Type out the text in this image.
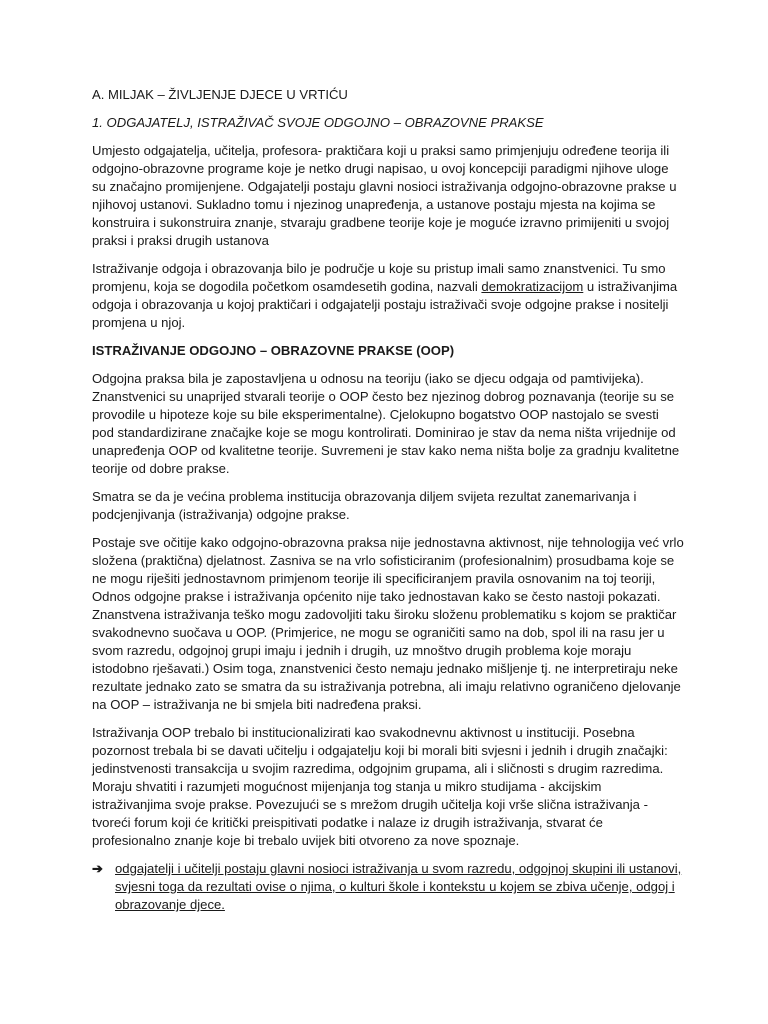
A. MILJAK – ŽIVLJENJE DJECE U VRTIĆU
1. ODGAJATELJ, ISTRAŽIVAČ SVOJE ODGOJNO – OBRAZOVNE PRAKSE
Umjesto odgajatelja, učitelja, profesora- praktičara koji u praksi samo primjenjuju određene teorija ili odgojno-obrazovne programe koje je netko drugi napisao, u ovoj koncepciji paradigmi njihove uloge su značajno promijenjene. Odgajatelji postaju glavni nosioci istraživanja odgojno-obrazovne prakse u njihovoj ustanovi. Sukladno tomu i njezinog unapređenja, a ustanove postaju mjesta na kojima se konstruira i sukonstruira znanje, stvaraju gradbene teorije koje je moguće izravno primijeniti u svojoj praksi i praksi drugih ustanova
Istraživanje odgoja i obrazovanja bilo je područje u koje su pristup imali samo znanstvenici. Tu smo promjenu, koja se dogodila početkom osamdesetih godina, nazvali demokratizacijom u istraživanjima odgoja i obrazovanja u kojoj praktičari i odgajatelji postaju istraživači svoje odgojne prakse i nositelji promjena u njoj.
ISTRAŽIVANJE ODGOJNO – OBRAZOVNE PRAKSE (OOP)
Odgojna praksa bila je zapostavljena u odnosu na teoriju (iako se djecu odgaja od pamtivijeka). Znanstvenici su unaprijed stvarali teorije o OOP često bez njezinog dobrog poznavanja (teorije su se provodile u hipoteze koje su bile eksperimentalne). Cjelokupno bogatstvo OOP nastojalo se svesti pod standardizirane značajke koje se mogu kontrolirati. Dominirao je stav da nema ništa vrijednije od unapređenja OOP od kvalitetne teorije. Suvremeni je stav kako nema ništa bolje za gradnju kvalitetne teorije od dobre prakse.
Smatra se da je većina problema institucija obrazovanja diljem svijeta rezultat zanemarivanja i podcjenjivanja (istraživanja) odgojne prakse.
Postaje sve očitije kako odgojno-obrazovna praksa nije jednostavna aktivnost, nije tehnologija već vrlo složena (praktična) djelatnost. Zasniva se na vrlo sofisticiranim (profesionalnim) prosudbama koje se ne mogu riješiti jednostavnom primjenom teorije ili specificiranjem pravila osnovanim na toj teoriji, Odnos odgojne prakse i istraživanja općenito nije tako jednostavan kako se često nastoji pokazati. Znanstvena istraživanja teško mogu zadovoljiti taku široku složenu problematiku s kojom se praktičar svakodnevno suočava u OOP. (Primjerice, ne mogu se ograničiti samo na dob, spol ili na rasu jer u svom razredu, odgojnoj grupi imaju i jednih i drugih, uz mnoštvo drugih problema koje moraju istodobno rješavati.) Osim toga, znanstvenici često nemaju jednako mišljenje tj. ne interpretiraju neke rezultate jednako zato se smatra da su istraživanja potrebna, ali imaju relativno ograničeno djelovanje na OOP – istraživanja ne bi smjela biti nadređena praksi.
Istraživanja OOP trebalo bi institucionalizirati kao svakodnevnu aktivnost u instituciji. Posebna pozornost trebala bi se davati učitelju i odgajatelju koji bi morali biti svjesni i jednih i drugih značajki: jedinstvenosti transakcija u svojim razredima, odgojnim grupama, ali i sličnosti s drugim razredima. Moraju shvatiti i razumjeti mogućnost mijenjanja tog stanja u mikro studijama - akcijskim istraživanjima svoje prakse. Povezujući se s mrežom drugih učitelja koji vrše slična istraživanja - tvoreći forum koji će kritički preispitivati podatke i nalaze iz drugih istraživanja, stvarat će profesionalno znanje koje bi trebalo uvijek biti otvoreno za nove spoznaje.
➔ odgajatelji i učitelji postaju glavni nosioci istraživanja u svom razredu, odgojnoj skupini ili ustanovi, svjesni toga da rezultati ovise o njima, o kulturi škole i kontekstu u kojem se zbiva učenje, odgoj i obrazovanje djece.
